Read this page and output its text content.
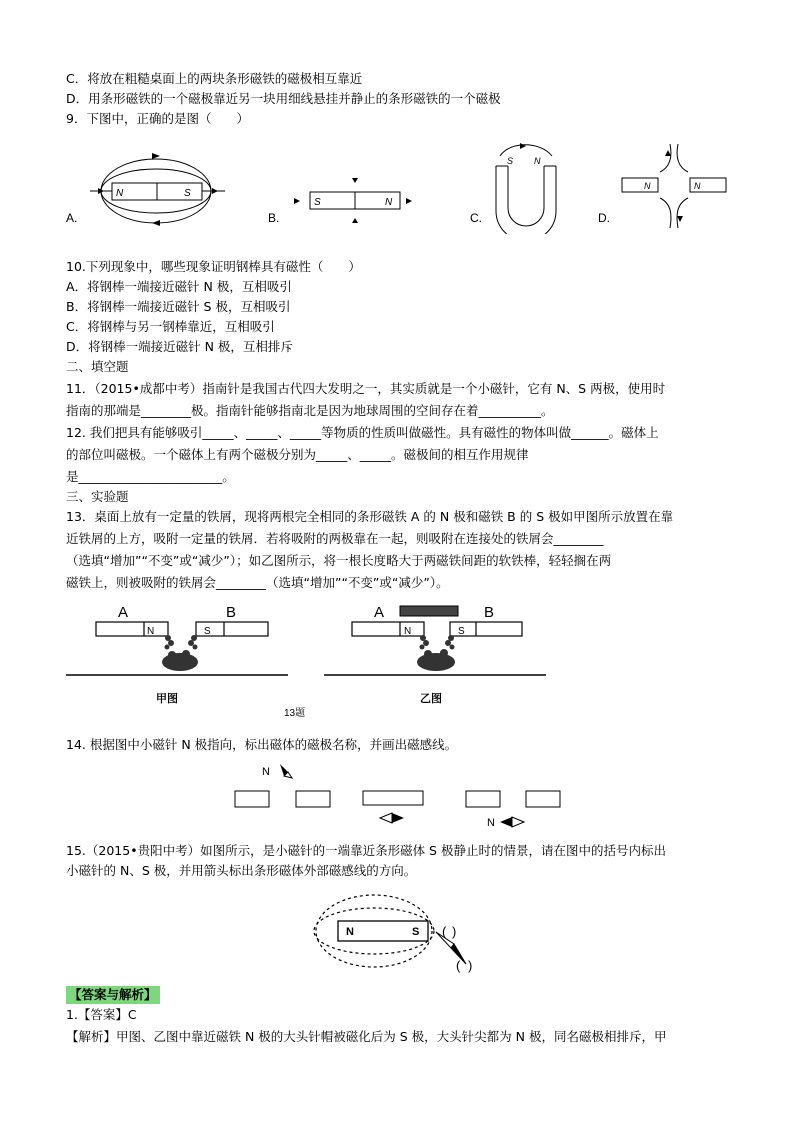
C．将放在粗糙桌面上的两块条形磁铁的磁极相互靠近
D．用条形磁铁的一个磁极靠近另一块用细线悬挂并静止的条形磁铁的一个磁极
9．下图中，正确的是图（　　）
N	S
S	N
S N
N	N
A.	B.	C.	D.
10.下列现象中，哪些现象证明钢棒具有磁性（　　）
A．将钢棒一端接近磁针 N 极，互相吸引
B．将钢棒一端接近磁针 S 极，互相吸引
C．将钢棒与另一钢棒靠近，互相吸引
D．将钢棒一端接近磁针 N 极，互相排斥
二、填空题
11．（2015•成都中考）指南针是我国古代四大发明之一，其实质就是一个小磁针，它有 N、S 两极，使用时
指南的那端是________极。指南针能够指南北是因为地球周围的空间存在着__________。
12. 我们把具有能够吸引_____、_____、_____等物质的性质叫做磁性。具有磁性的物体叫做______。磁体上
的部位叫磁极。一个磁体上有两个磁极分别为_____、_____。磁极间的相互作用规律
是_______________________。
三、实验题
13．桌面上放有一定量的铁屑，现将两根完全相同的条形磁铁 A 的 N 极和磁铁 B 的 S 极如甲图所示放置在靠
近铁屑的上方，吸附一定量的铁屑．若将吸附的两极靠在一起，则吸附在连接处的铁屑会________
（选填“增加”“不变”或“减少”）；如乙图所示，将一根长度略大于两磁铁间距的软铁棒，轻轻搁在两
磁铁上，则被吸附的铁屑会________（选填“增加”“不变”或“减少”）。
A	B
N	S
A	B
N	S
甲图
13题
乙图
14. 根据图中小磁针 N 极指向，标出磁体的磁极名称，并画出磁感线。
N
N
15.（2015•贵阳中考）如图所示，是小磁针的一端靠近条形磁体 S 极静止时的情景，请在图中的括号内标出
小磁针的 N、S 极，并用箭头标出条形磁体外部磁感线的方向。
N	S ( )
( )
【答案与解析】
1.【答案】C
【解析】甲图、乙图中靠近磁铁 N 极的大头针帽被磁化后为 S 极，大头针尖都为 N 极，同名磁极相排斥，甲
